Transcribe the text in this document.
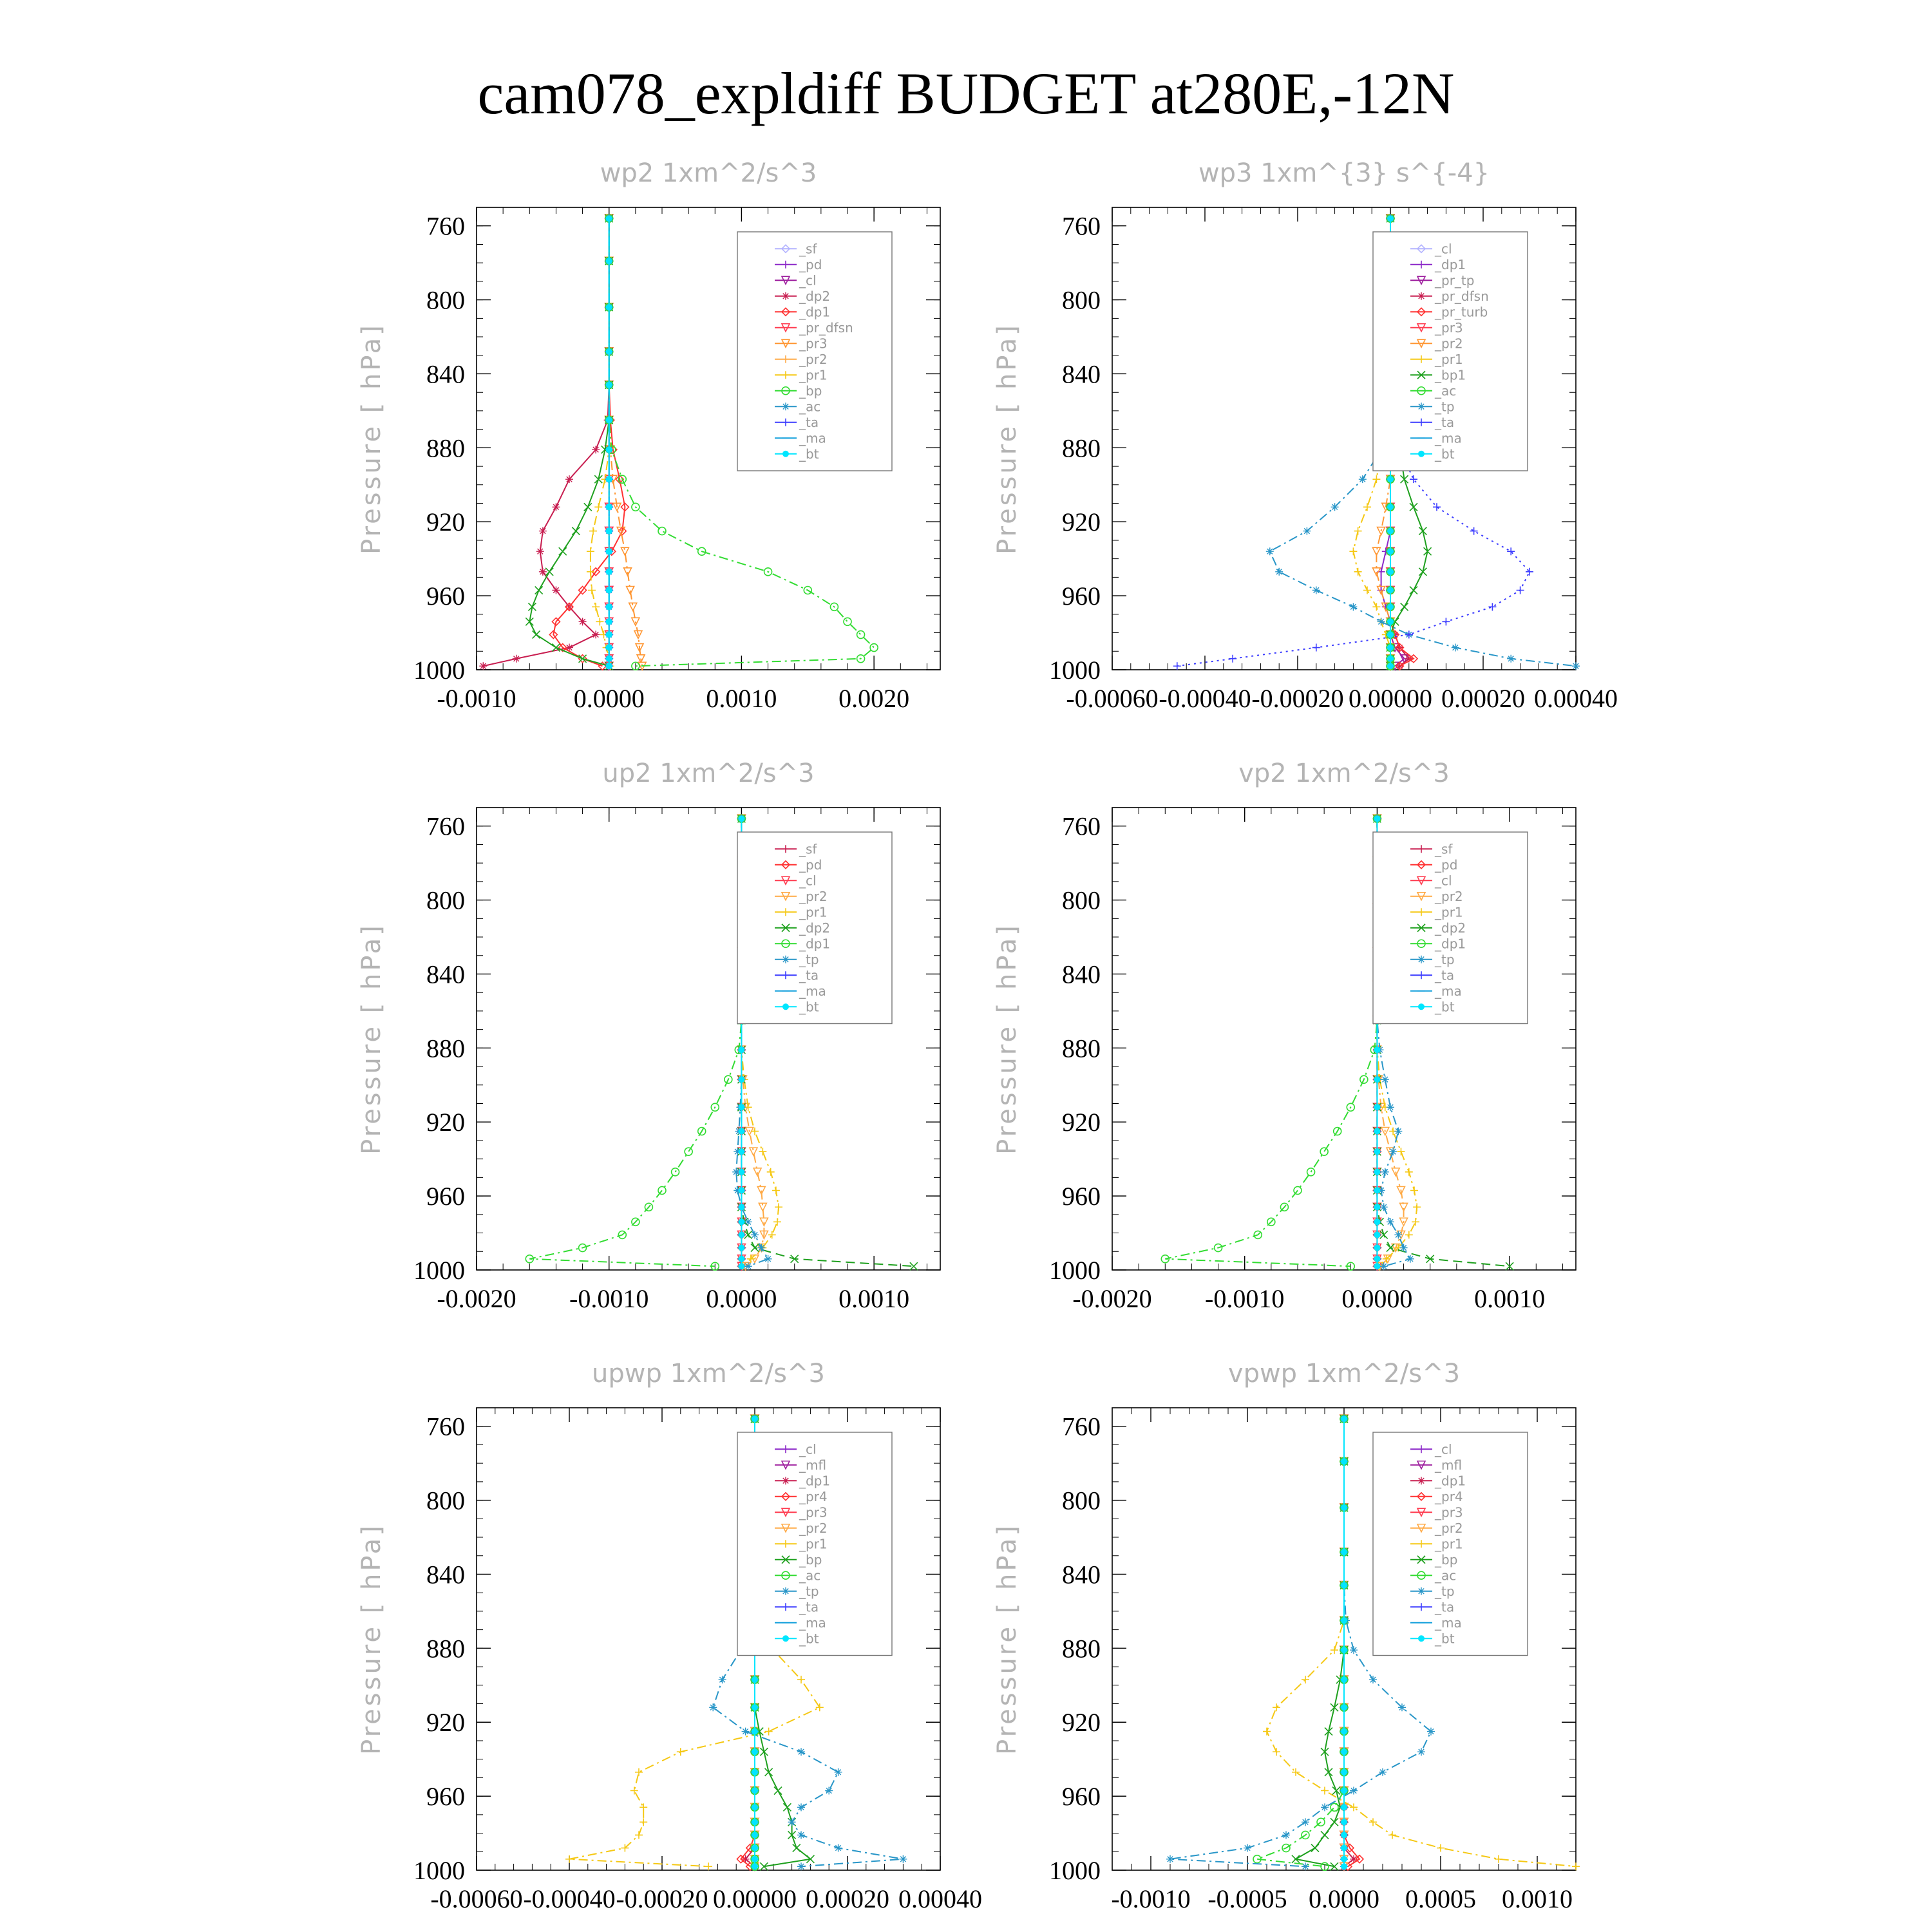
cam078_expldiff BUDGET at280E,-12N
wp2 1xm^2/s^3
Pressure [ hPa]
760
800
840
880
920
960
1000
-0.0010 0.0000 0.0010 0.0020
_sf
_pd
_cl
_dp2
_dp1
_pr_dfsn
_pr3
_pr2
_pr1
_bp
_ac
_ta
_ma
_bt
wp3 1xm^{3} s^{-4}
Pressure [ hPa]
760
800
840
880
920
960
1000
-0.00060 -0.00040 -0.00020 0.00000 0.00020 0.00040
_cl
_dp1
_pr_tp
_pr_dfsn
_pr_turb
_pr3
_pr2
_pr1
_bp1
_ac
_tp
_ta
_ma
_bt
up2 1xm^2/s^3
Pressure [ hPa]
760
800
840
880
920
960
1000
-0.0020 -0.0010 0.0000 0.0010
_sf
_pd
_cl
_pr2
_pr1
_dp2
_dp1
_tp
_ta
_ma
_bt
vp2 1xm^2/s^3
Pressure [ hPa]
760
800
840
880
920
960
1000
-0.0020 -0.0010 0.0000 0.0010
_sf
_pd
_cl
_pr2
_pr1
_dp2
_dp1
_tp
_ta
_ma
_bt
upwp 1xm^2/s^3
Pressure [ hPa]
760
800
840
880
920
960
1000
-0.00060 -0.00040 -0.00020 0.00000 0.00020 0.00040
_cl
_mfl
_dp1
_pr4
_pr3
_pr2
_pr1
_bp
_ac
_tp
_ta
_ma
_bt
vpwp 1xm^2/s^3
Pressure [ hPa]
760
800
840
880
920
960
1000
-0.0010 -0.0005 0.0000 0.0005 0.0010
_cl
_mfl
_dp1
_pr4
_pr3
_pr2
_pr1
_bp
_ac
_tp
_ta
_ma
_bt
